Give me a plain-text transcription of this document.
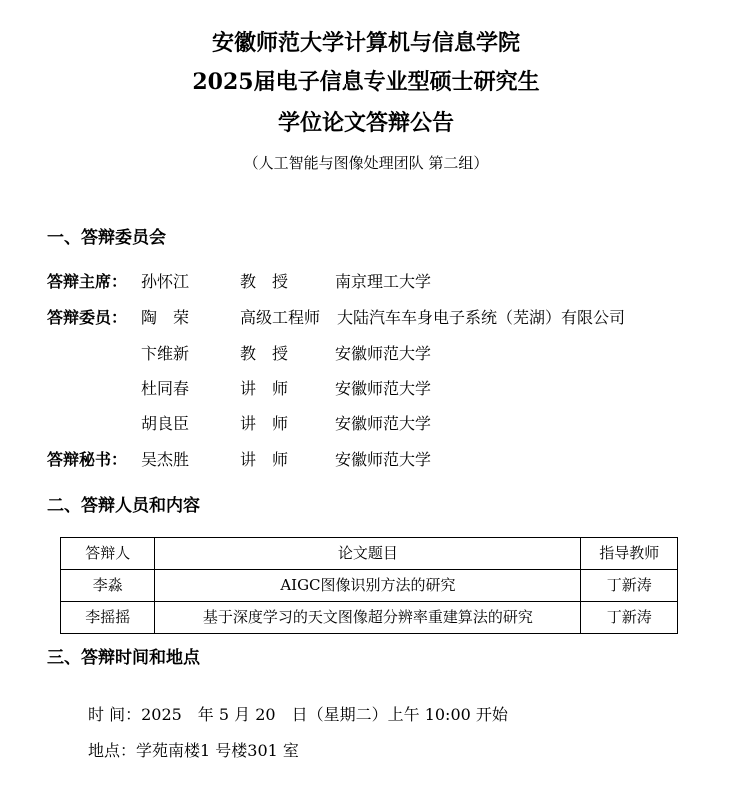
安徽师范大学计算机与信息学院
2025届电子信息专业型硕士研究生
学位论文答辩公告
（人工智能与图像处理团队 第二组）
一、答辩委员会
答辩主席： 孙怀江	教　授	南京理工大学
答辩委员： 陶　荣	高级工程师 大陆汽车车身电子系统（芜湖）有限公司
卞维新	教　授	安徽师范大学
杜同春	讲　师	安徽师范大学
胡良臣	讲　师	安徽师范大学
答辩秘书： 吴杰胜	讲　师	安徽师范大学
二、答辩人员和内容
答辩人	论文题目	指导教师
李淼	AIGC图像识别方法的研究	丁新涛
李摇摇	基于深度学习的天文图像超分辨率重建算法的研究	丁新涛
三、答辩时间和地点
时 间：2025　年 5 月 20　日（星期二）上午 10:00 开始
地点：学苑南楼1 号楼301 室
